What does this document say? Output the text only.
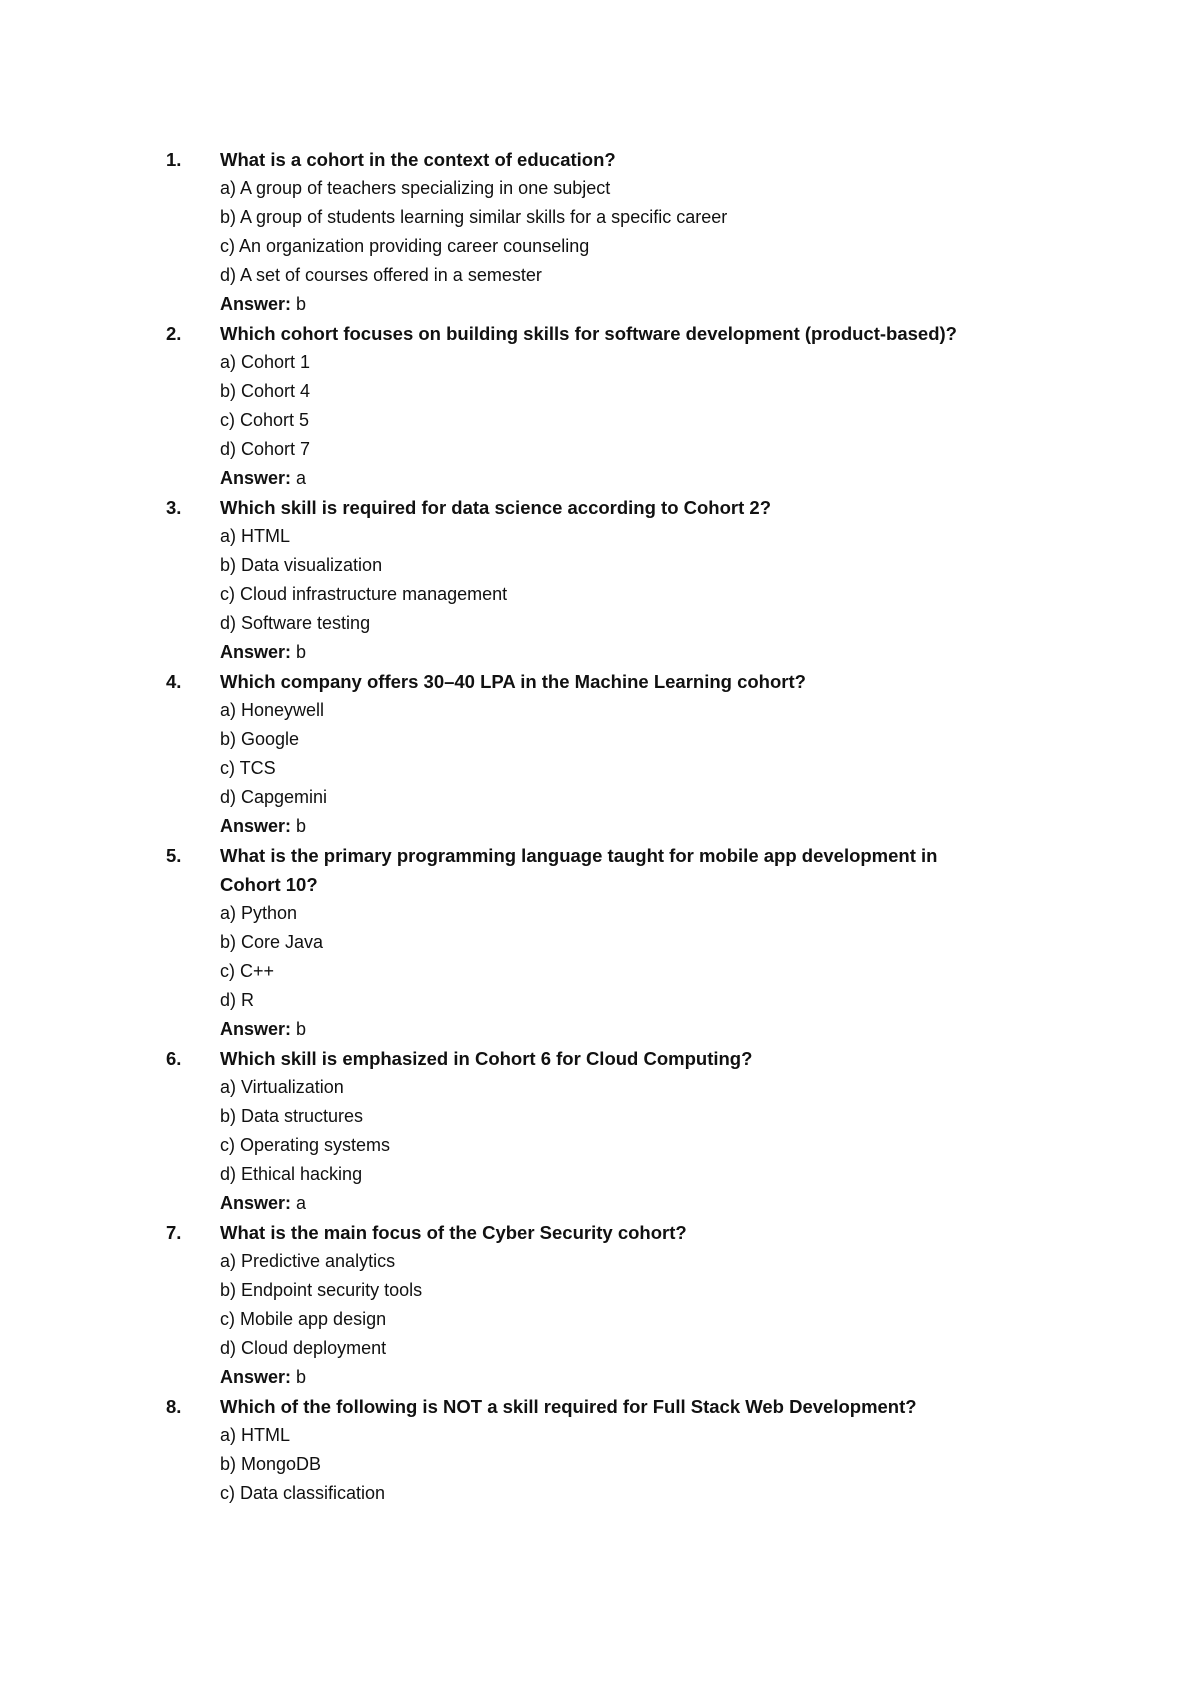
1.	What is a cohort in the context of education?
a) A group of teachers specializing in one subject
b) A group of students learning similar skills for a specific career
c) An organization providing career counseling
d) A set of courses offered in a semester
Answer: b
2.	Which cohort focuses on building skills for software development (product-based)?
a) Cohort 1
b) Cohort 4
c) Cohort 5
d) Cohort 7
Answer: a
3.	Which skill is required for data science according to Cohort 2?
a) HTML
b) Data visualization
c) Cloud infrastructure management
d) Software testing
Answer: b
4.	Which company offers 30–40 LPA in the Machine Learning cohort?
a) Honeywell
b) Google
c) TCS
d) Capgemini
Answer: b
5.	What is the primary programming language taught for mobile app development in Cohort 10?
a) Python
b) Core Java
c) C++
d) R
Answer: b
6.	Which skill is emphasized in Cohort 6 for Cloud Computing?
a) Virtualization
b) Data structures
c) Operating systems
d) Ethical hacking
Answer: a
7.	What is the main focus of the Cyber Security cohort?
a) Predictive analytics
b) Endpoint security tools
c) Mobile app design
d) Cloud deployment
Answer: b
8.	Which of the following is NOT a skill required for Full Stack Web Development?
a) HTML
b) MongoDB
c) Data classification
